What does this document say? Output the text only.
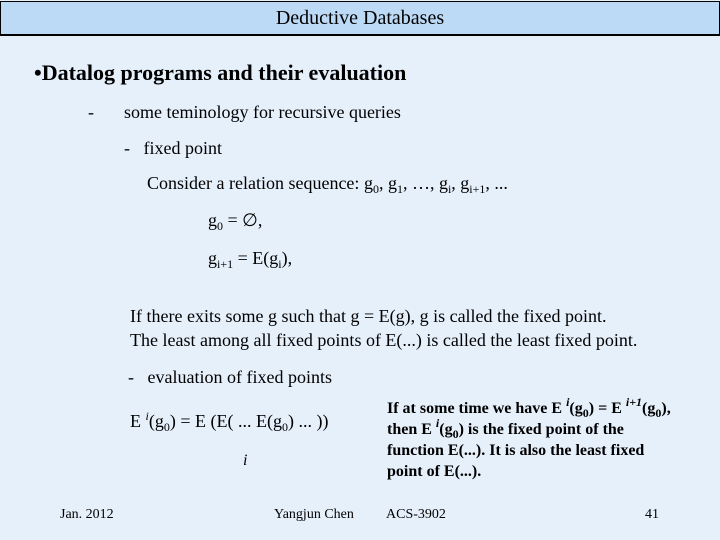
Deductive Databases
•Datalog programs and their evaluation
- some teminology for recursive queries
- fixed point
Consider a relation sequence: $g_0$, $g_1$, …, $g_i$, $g_{i+1}$, ...
$g_0$ = ∅,
$g_{i+1} = E(g_i)$,
If there exits some g such that g = E(g), g is called the fixed point.
The least among all fixed points of E(...) is called the least fixed point.
- evaluation of fixed points
E $^i(g_0) = E$ (E( ... $E(g_0)$ ... ))
i
If at some time we have E $^i(g_0) = E$ $^{i+1}(g_0)$,
then E $^i(g_0)$ is the fixed point of the
function E(...). It is also the least fixed
point of E(...).
Jan. 2012	Yangjun Chen ACS-3902	41
